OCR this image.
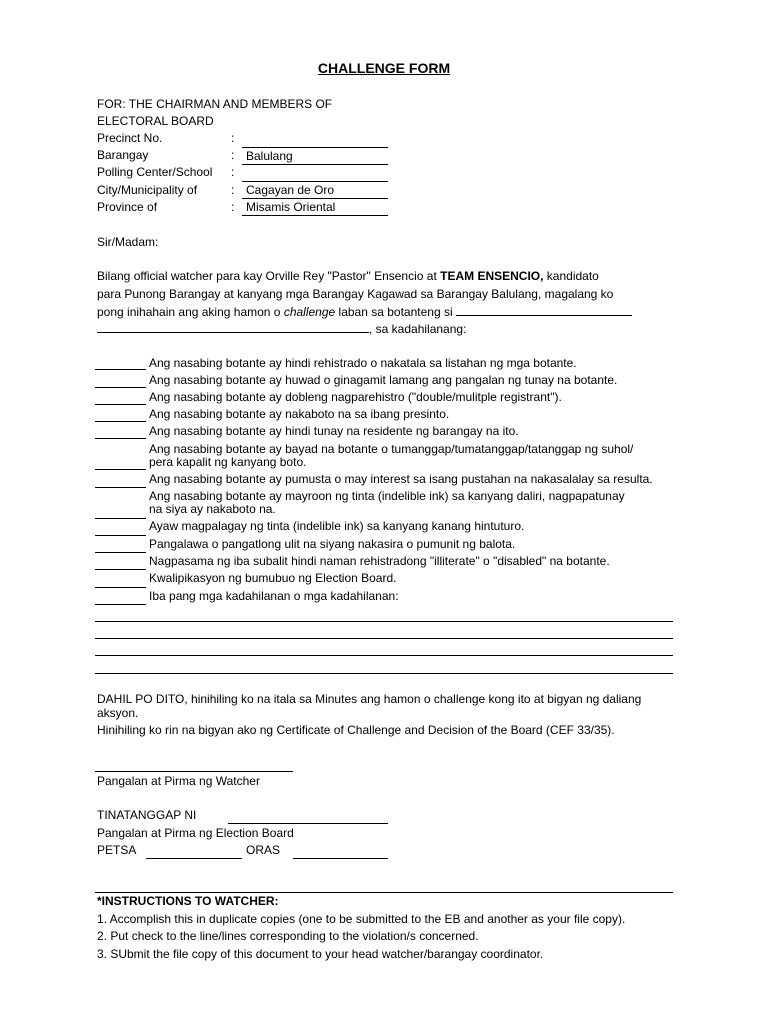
CHALLENGE FORM
FOR: THE CHAIRMAN AND MEMBERS OF
ELECTORAL BOARD
Precinct No.	:
Barangay	: Balulang
Polling Center/School :
City/Municipality of	: Cagayan de Oro
Province of	: Misamis Oriental
Sir/Madam:
Bilang official watcher para kay Orville Rey "Pastor" Ensencio at TEAM ENSENCIO, kandidato
para Punong Barangay at kanyang mga Barangay Kagawad sa Barangay Balulang, magalang ko
pong inihahain ang aking hamon o challenge laban sa botanteng si
, sa kadahilanang:
Ang nasabing botante ay hindi rehistrado o nakatala sa listahan ng mga botante.
Ang nasabing botante ay huwad o ginagamit lamang ang pangalan ng tunay na botante.
Ang nasabing botante ay dobleng nagparehistro ("double/mulitple registrant").
Ang nasabing botante ay nakaboto na sa ibang presinto.
Ang nasabing botante ay hindi tunay na residente ng barangay na ito.
Ang nasabing botante ay bayad na botante o tumanggap/tumatanggap/tatanggap ng suhol/
pera kapalit ng kanyang boto.
Ang nasabing botante ay pumusta o may interest sa isang pustahan na nakasalalay sa resulta.
Ang nasabing botante ay mayroon ng tinta (indelible ink) sa kanyang daliri, nagpapatunay
na siya ay nakaboto na.
Ayaw magpalagay ng tinta (indelible ink) sa kanyang kanang hintuturo.
Pangalawa o pangatlong ulit na siyang nakasira o pumunit ng balota.
Nagpasama ng iba subalit hindi naman rehistradong "illiterate" o "disabled" na botante.
Kwalipikasyon ng bumubuo ng Election Board.
Iba pang mga kadahilanan o mga kadahilanan:
DAHIL PO DITO, hinihiling ko na itala sa Minutes ang hamon o challenge kong ito at bigyan ng daliang
aksyon.
Hinihiling ko rin na bigyan ako ng Certificate of Challenge and Decision of the Board (CEF 33/35).
Pangalan at Pirma ng Watcher
TINATANGGAP NI
Pangalan at Pirma ng Election Board
PETSA	ORAS
*INSTRUCTIONS TO WATCHER:
1. Accomplish this in duplicate copies (one to be submitted to the EB and another as your file copy).
2. Put check to the line/lines corresponding to the violation/s concerned.
3. SUbmit the file copy of this document to your head watcher/barangay coordinator.
